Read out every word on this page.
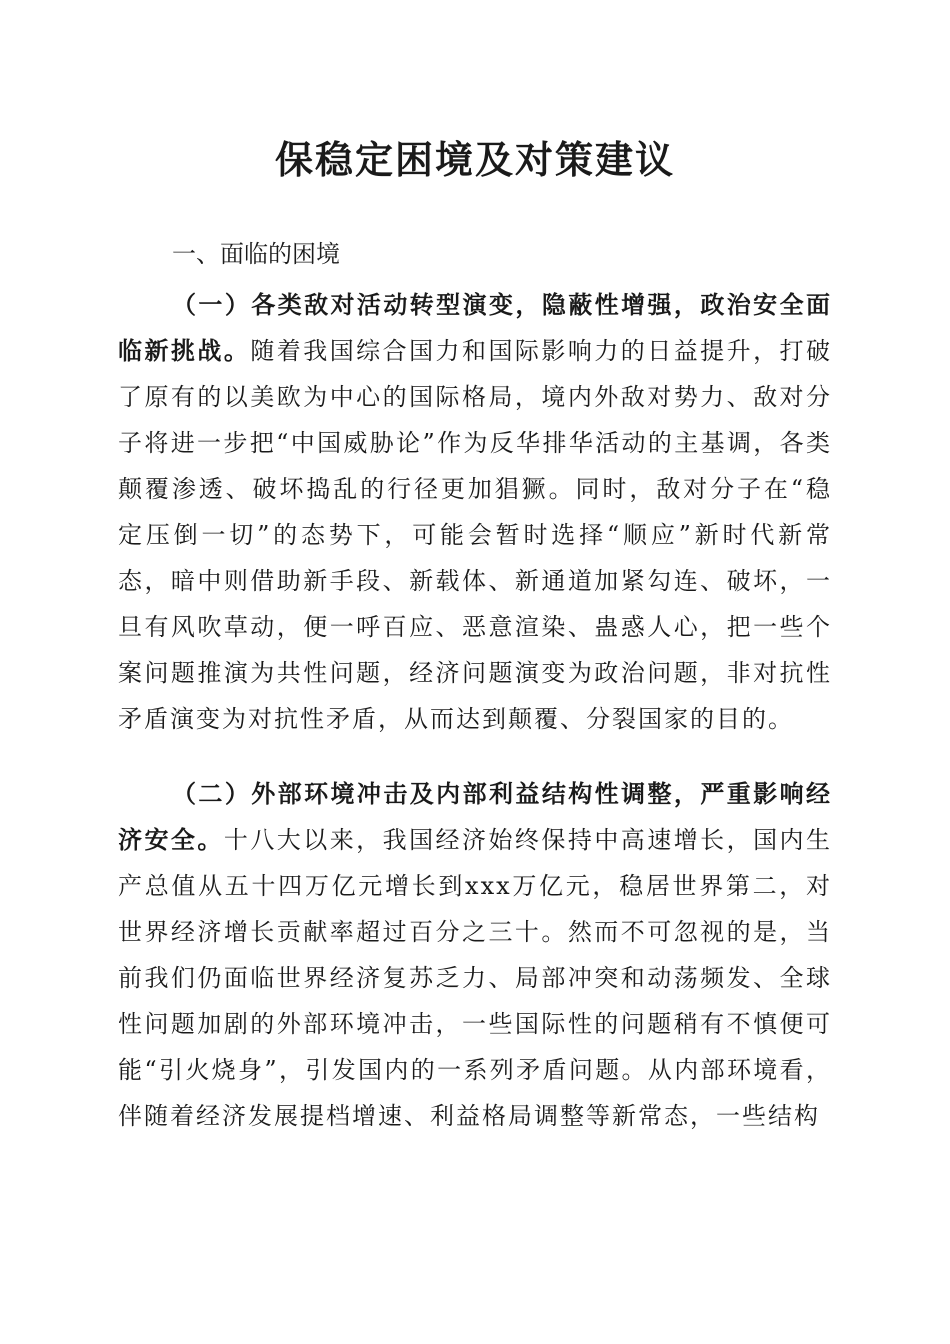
保稳定困境及对策建议
一、面临的困境
（一）各类敌对活动转型演变，隐蔽性增强，政治安全面临新挑战。随着我国综合国力和国际影响力的日益提升，打破了原有的以美欧为中心的国际格局，境内外敌对势力、敌对分子将进一步把“中国威胁论”作为反华排华活动的主基调，各类颠覆渗透、破坏捣乱的行径更加猖獗。同时，敌对分子在“稳定压倒一切”的态势下，可能会暂时选择“顺应”新时代新常态，暗中则借助新手段、新载体、新通道加紧勾连、破坏，一旦有风吹草动，便一呼百应、恶意渲染、蛊惑人心，把一些个案问题推演为共性问题，经济问题演变为政治问题，非对抗性矛盾演变为对抗性矛盾，从而达到颠覆、分裂国家的目的。
（二）外部环境冲击及内部利益结构性调整，严重影响经济安全。十八大以来，我国经济始终保持中高速增长，国内生产总值从五十四万亿元增长到xxx万亿元，稳居世界第二，对世界经济增长贡献率超过百分之三十。然而不可忽视的是，当前我们仍面临世界经济复苏乏力、局部冲突和动荡频发、全球性问题加剧的外部环境冲击，一些国际性的问题稍有不慎便可能“引火烧身”，引发国内的一系列矛盾问题。从内部环境看，伴随着经济发展提档增速、利益格局调整等新常态，一些结构
